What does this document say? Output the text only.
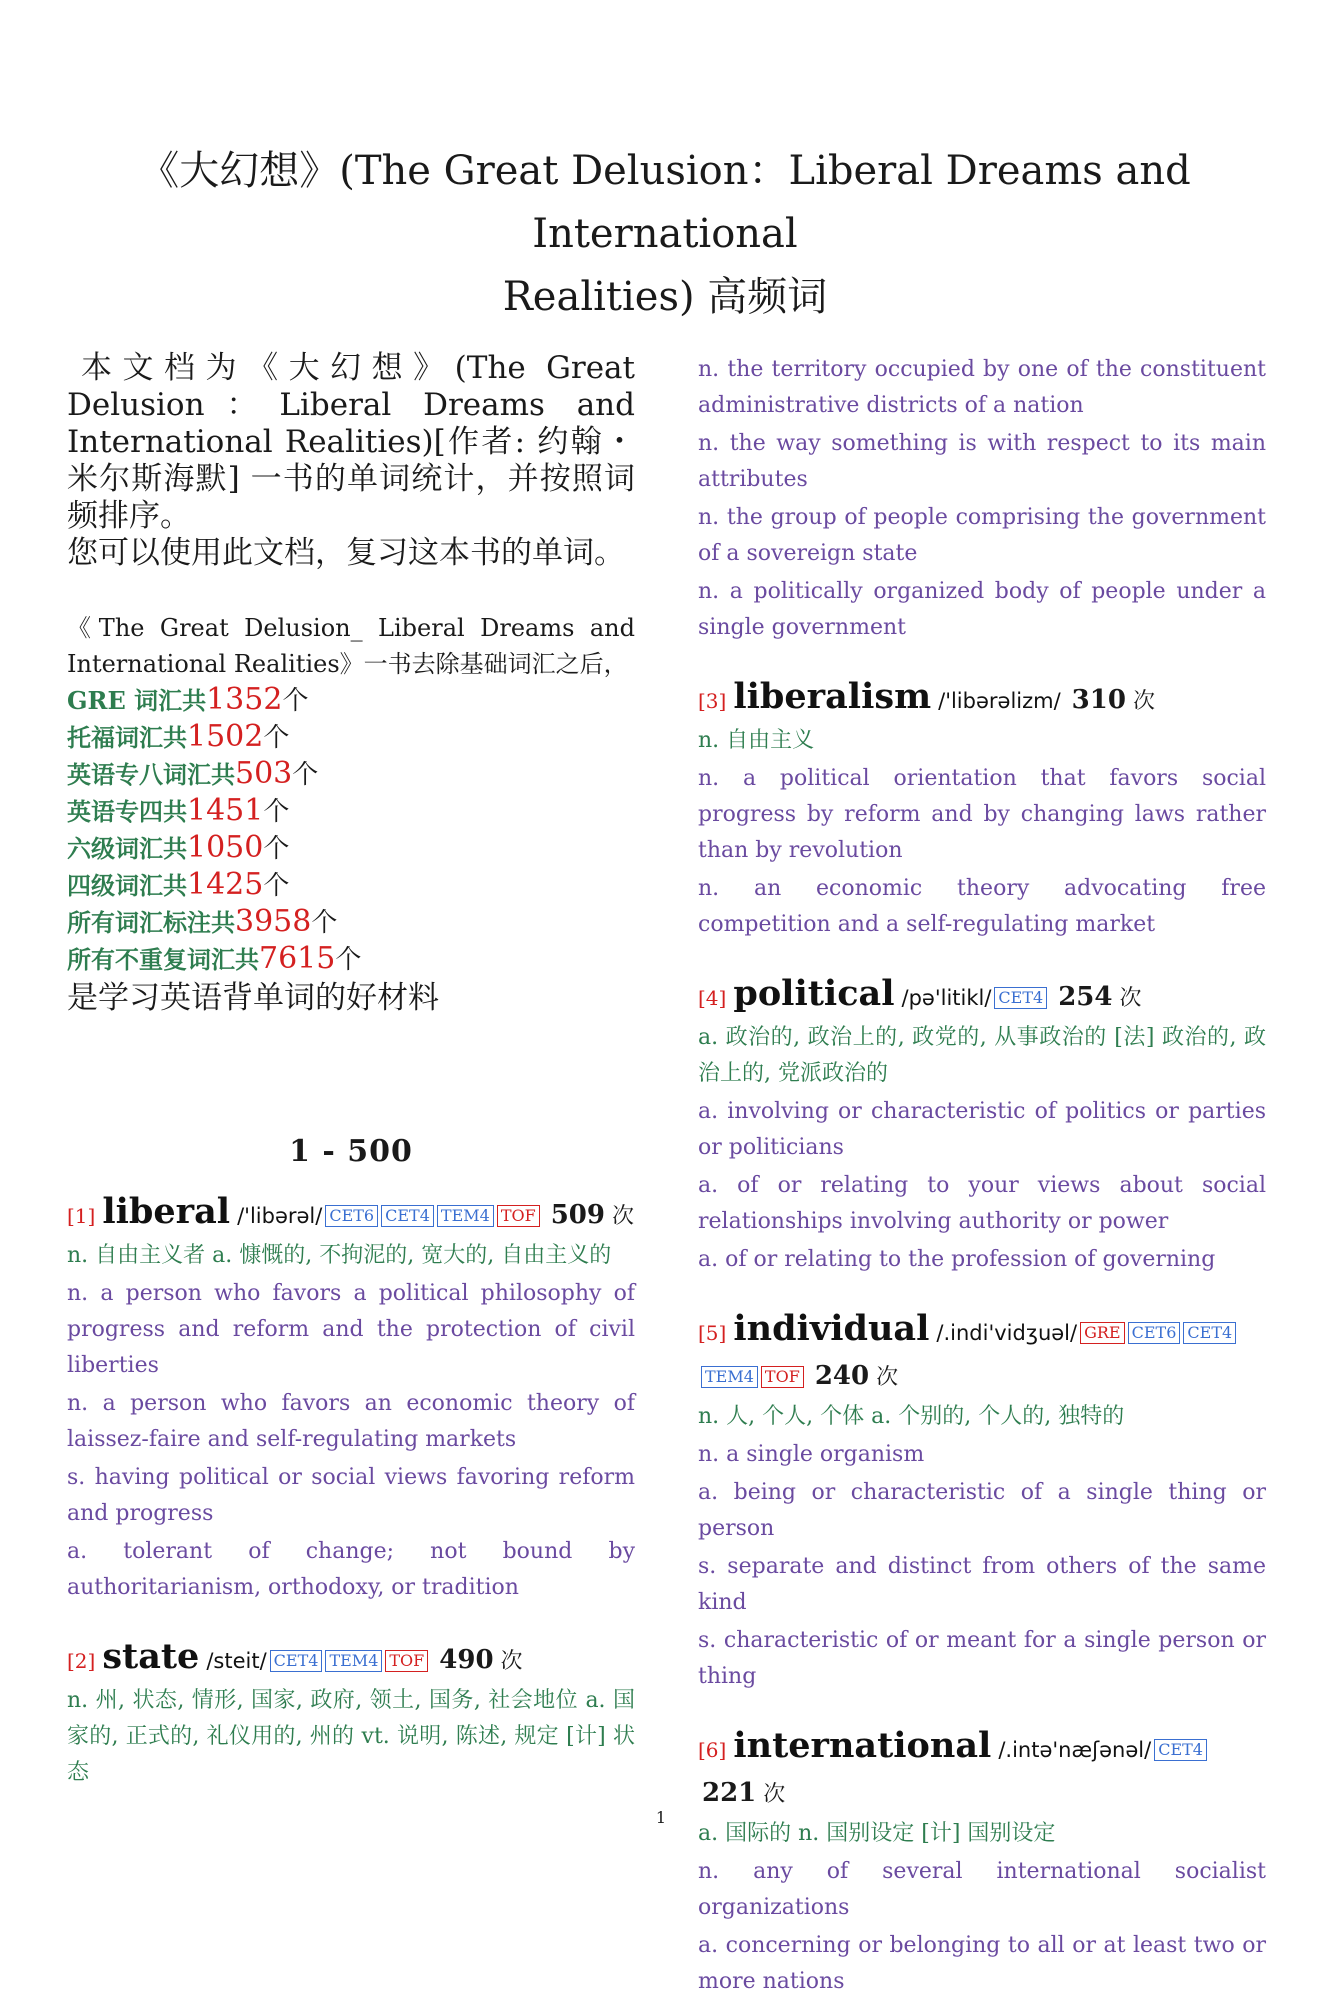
《大幻想》(The Great Delusion：Liberal Dreams and International
Realities) 高频词

本文档为《大幻想》(The Great Delusion：Liberal Dreams and International Realities)[作者: 约翰・米尔斯海默] 一书的单词统计，并按照词频排序。

您可以使用此文档，复习这本书的单词。

《The Great Delusion_ Liberal Dreams and International Realities》一书去除基础词汇之后，
GRE 词汇共1352个
托福词汇共1502个
英语专八词汇共503个
英语专四共1451个
六级词汇共1050个
四级词汇共1425个
所有词汇标注共3958个
所有不重复词汇共7615个
是学习英语背单词的好材料
1 - 500
[1] liberal /'libərəl/ CET6 CET4 TEM4 TOF 509 次
n. 自由主义者 a. 慷慨的, 不拘泥的, 宽大的, 自由主义的
n. a person who favors a political philosophy of progress and reform and the protection of civil liberties
n. a person who favors an economic theory of laissez-faire and self-regulating markets
s. having political or social views favoring reform and progress
a. tolerant of change; not bound by authoritarianism, orthodoxy, or tradition
[2] state /steit/ CET4 TEM4 TOF 490 次
n. 州, 状态, 情形, 国家, 政府, 领土, 国务, 社会地位 a. 国家的, 正式的, 礼仪用的, 州的 vt. 说明, 陈述, 规定 [计] 状态
n. the territory occupied by one of the constituent administrative districts of a nation
n. the way something is with respect to its main attributes
n. the group of people comprising the government of a sovereign state
n. a politically organized body of people under a single government
[3] liberalism /'libərəlizm/ 310 次
n. 自由主义
n. a political orientation that favors social progress by reform and by changing laws rather than by revolution
n. an economic theory advocating free competition and a self-regulating market
[4] political /pə'litikl/ CET4 254 次
a. 政治的, 政治上的, 政党的, 从事政治的 [法] 政治的, 政治上的, 党派政治的
a. involving or characteristic of politics or parties or politicians
a. of or relating to your views about social relationships involving authority or power
a. of or relating to the profession of governing
[5] individual /.indi'vidʒuəl/ GRE CET6 CET4TEM4 TOF 240 次
n. 人, 个人, 个体 a. 个别的, 个人的, 独特的
n. a single organism
a. being or characteristic of a single thing or person
s. separate and distinct from others of the same kind
s. characteristic of or meant for a single person or thing
[6] international /.intə'næʃənəl/ CET4 221 次
a. 国际的 n. 国别设定 [计] 国别设定
n. any of several international socialist organizations
a. concerning or belonging to all or at least two or more nations
1
